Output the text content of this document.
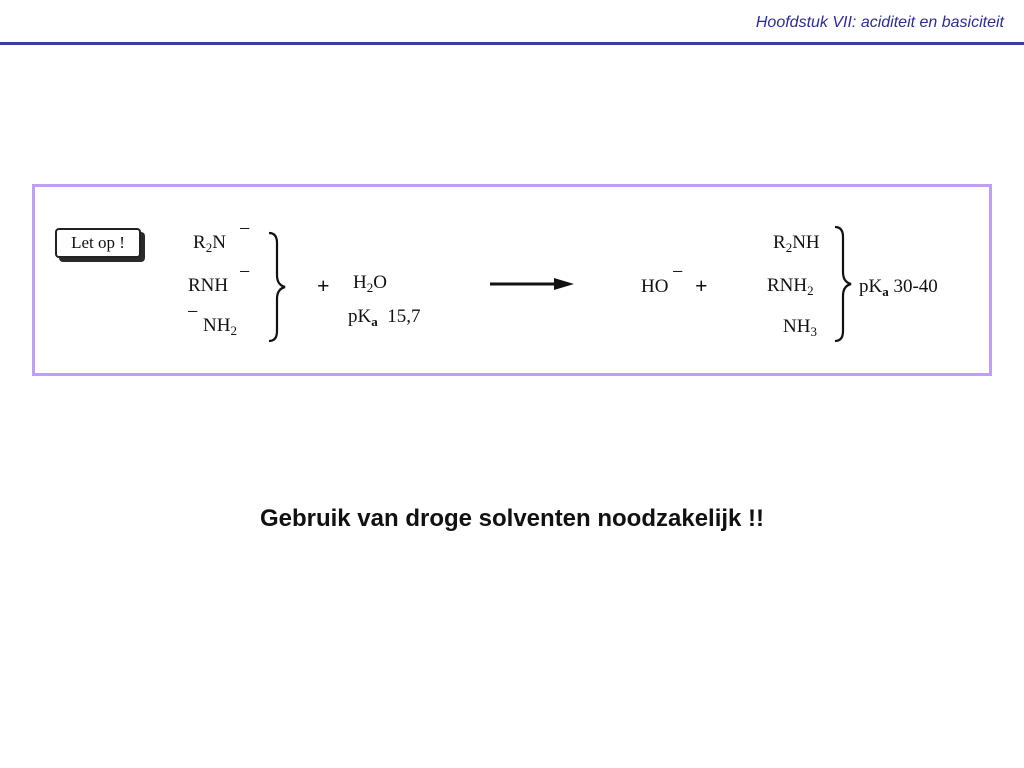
Hoofdstuk VII: aciditeit en basiciteit
Let op !	$R_2N$
−
RNH
−
−
$NH_2$
+ $H_2O$
$pK_a$ 15,7
HO
−
+
$R_2NH$
$RNH_2$
$NH_3$
$pK_a$ 30-40
Gebruik van droge solventen noodzakelijk !!
